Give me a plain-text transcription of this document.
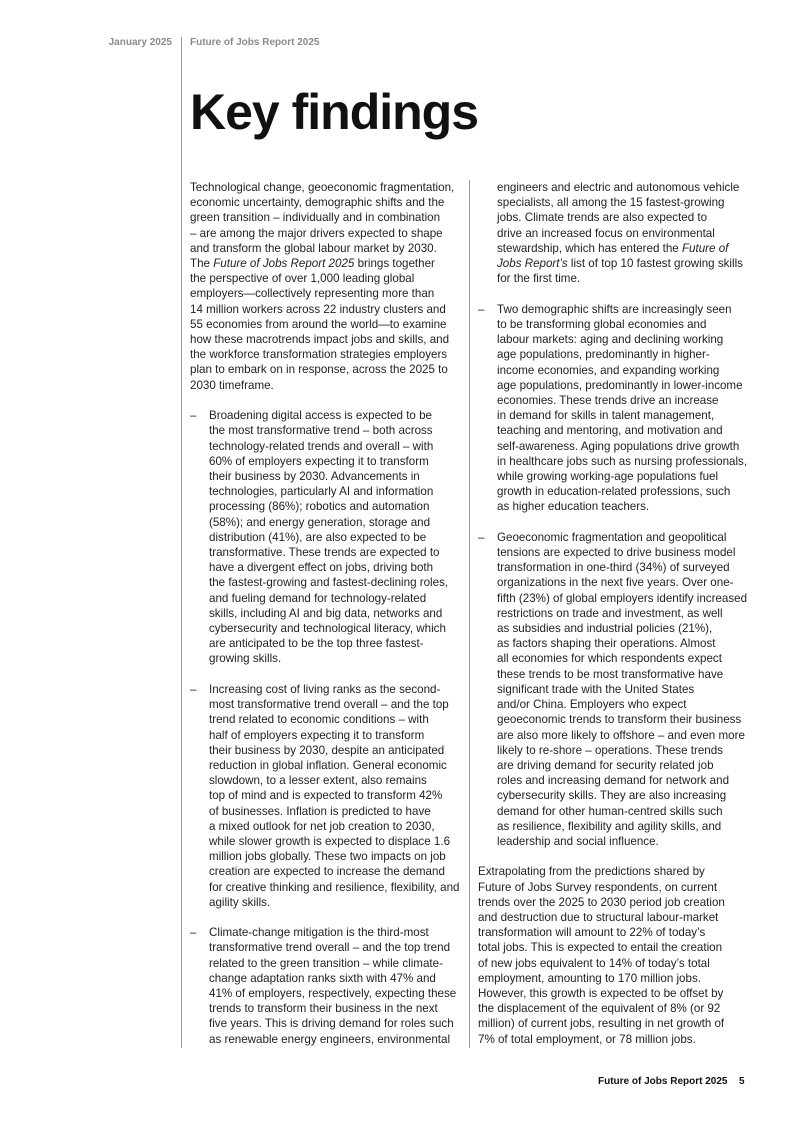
January 2025 Future of Jobs Report 2025
Key findings
Technological change, geoeconomic fragmentation,
economic uncertainty, demographic shifts and the
green transition – individually and in combination
– are among the major drivers expected to shape
and transform the global labour market by 2030.
The Future of Jobs Report 2025 brings together
the perspective of over 1,000 leading global
employers—collectively representing more than
14 million workers across 22 industry clusters and
55 economies from around the world—to examine
how these macrotrends impact jobs and skills, and
the workforce transformation strategies employers
plan to embark on in response, across the 2025 to
2030 timeframe.
– Broadening digital access is expected to be
the most transformative trend – both across
technology-related trends and overall – with
60% of employers expecting it to transform
their business by 2030. Advancements in
technologies, particularly AI and information
processing (86%); robotics and automation
(58%); and energy generation, storage and
distribution (41%), are also expected to be
transformative. These trends are expected to
have a divergent effect on jobs, driving both
the fastest-growing and fastest-declining roles,
and fueling demand for technology-related
skills, including AI and big data, networks and
cybersecurity and technological literacy, which
are anticipated to be the top three fastest-
growing skills.
– Increasing cost of living ranks as the second-
most transformative trend overall – and the top
trend related to economic conditions – with
half of employers expecting it to transform
their business by 2030, despite an anticipated
reduction in global inflation. General economic
slowdown, to a lesser extent, also remains
top of mind and is expected to transform 42%
of businesses. Inflation is predicted to have
a mixed outlook for net job creation to 2030,
while slower growth is expected to displace 1.6
million jobs globally. These two impacts on job
creation are expected to increase the demand
for creative thinking and resilience, flexibility, and
agility skills.
– Climate-change mitigation is the third-most
transformative trend overall – and the top trend
related to the green transition – while climate-
change adaptation ranks sixth with 47% and
41% of employers, respectively, expecting these
trends to transform their business in the next
five years. This is driving demand for roles such
as renewable energy engineers, environmental
engineers and electric and autonomous vehicle
specialists, all among the 15 fastest-growing
jobs. Climate trends are also expected to
drive an increased focus on environmental
stewardship, which has entered the Future of
Jobs Report’s list of top 10 fastest growing skills
for the first time.
– Two demographic shifts are increasingly seen
to be transforming global economies and
labour markets: aging and declining working
age populations, predominantly in higher-
income economies, and expanding working
age populations, predominantly in lower-income
economies. These trends drive an increase
in demand for skills in talent management,
teaching and mentoring, and motivation and
self-awareness. Aging populations drive growth
in healthcare jobs such as nursing professionals,
while growing working-age populations fuel
growth in education-related professions, such
as higher education teachers.
– Geoeconomic fragmentation and geopolitical
tensions are expected to drive business model
transformation in one-third (34%) of surveyed
organizations in the next five years. Over one-
fifth (23%) of global employers identify increased
restrictions on trade and investment, as well
as subsidies and industrial policies (21%),
as factors shaping their operations. Almost
all economies for which respondents expect
these trends to be most transformative have
significant trade with the United States
and/or China. Employers who expect
geoeconomic trends to transform their business
are also more likely to offshore – and even more
likely to re-shore – operations. These trends
are driving demand for security related job
roles and increasing demand for network and
cybersecurity skills. They are also increasing
demand for other human-centred skills such
as resilience, flexibility and agility skills, and
leadership and social influence.
Extrapolating from the predictions shared by
Future of Jobs Survey respondents, on current
trends over the 2025 to 2030 period job creation
and destruction due to structural labour-market
transformation will amount to 22% of today’s
total jobs. This is expected to entail the creation
of new jobs equivalent to 14% of today’s total
employment, amounting to 170 million jobs.
However, this growth is expected to be offset by
the displacement of the equivalent of 8% (or 92
million) of current jobs, resulting in net growth of
7% of total employment, or 78 million jobs.
Future of Jobs Report 2025 5
